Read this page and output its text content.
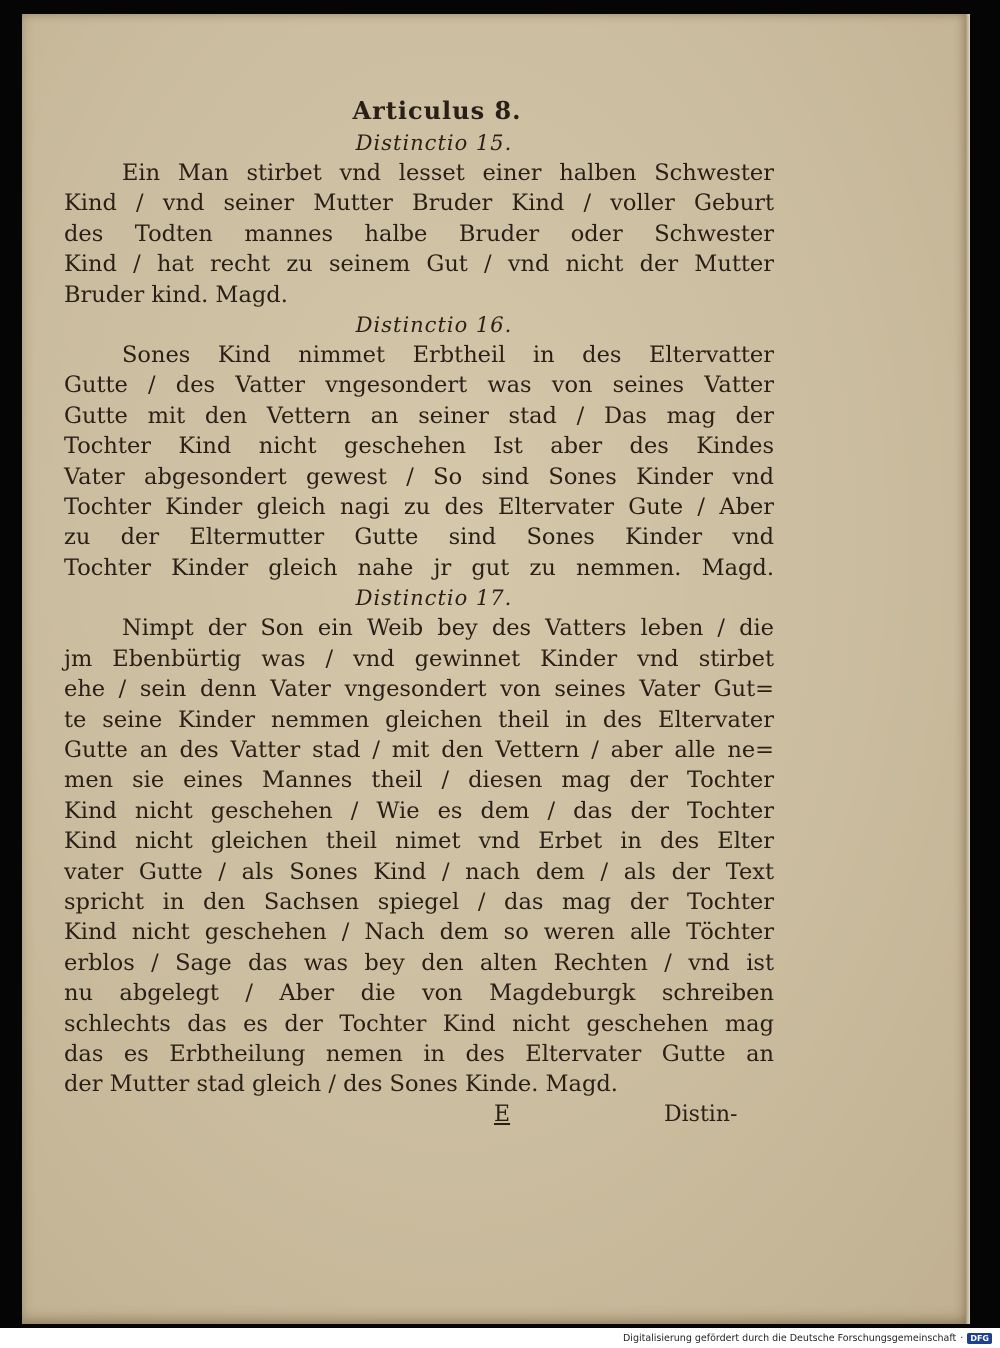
Articulus 8.
Distinctio 15.

Ein Man stirbet vnd lesset einer halben Schwester
Kind / vnd seiner Mutter Bruder Kind / voller Geburt
des Todten mannes halbe Bruder oder Schwester
Kind / hat recht zu seinem Gut / vnd nicht der Mutter
Bruder kind. Magd.

Distinctio 16.

Sones Kind nimmet Erbtheil in des Eltervatter
Gutte / des Vatter vngesondert was von seines Vatter
Gutte mit den Vettern an seiner stad / Das mag der
Tochter Kind nicht geschehen Ist aber des Kindes
Vater abgesondert gewest / So sind Sones Kinder vnd
Tochter Kinder gleich nagi zu des Eltervater Gute / Aber
zu der Eltermutter Gutte sind Sones Kinder vnd
Tochter Kinder gleich nahe jr gut zu nemmen. Magd.

Distinctio 17.

Nimpt der Son ein Weib bey des Vatters leben / die
jm Ebenbürtig was / vnd gewinnet Kinder vnd stirbet
ehe / sein denn Vater vngesondert von seines Vater Gut=
te seine Kinder nemmen gleichen theil in des Eltervater
Gutte an des Vatter stad / mit den Vettern / aber alle ne=
men sie eines Mannes theil / diesen mag der Tochter
Kind nicht geschehen / Wie es dem / das der Tochter
Kind nicht gleichen theil nimet vnd Erbet in des Elter
vater Gutte / als Sones Kind / nach dem / als der Text
spricht in den Sachsen spiegel / das mag der Tochter
Kind nicht geschehen / Nach dem so weren alle Töchter
erblos / Sage das was bey den alten Rechten / vnd ist
nu abgelegt / Aber die von Magdeburgk schreiben
schlechts das es der Tochter Kind nicht geschehen mag
das es Erbtheilung nemen in des Eltervater Gutte an
der Mutter stad gleich / des Sones Kinde. Magd.

E	Distin-
Digitalisierung gefördert durch die Deutsche Forschungsgemeinschaft · DFG
